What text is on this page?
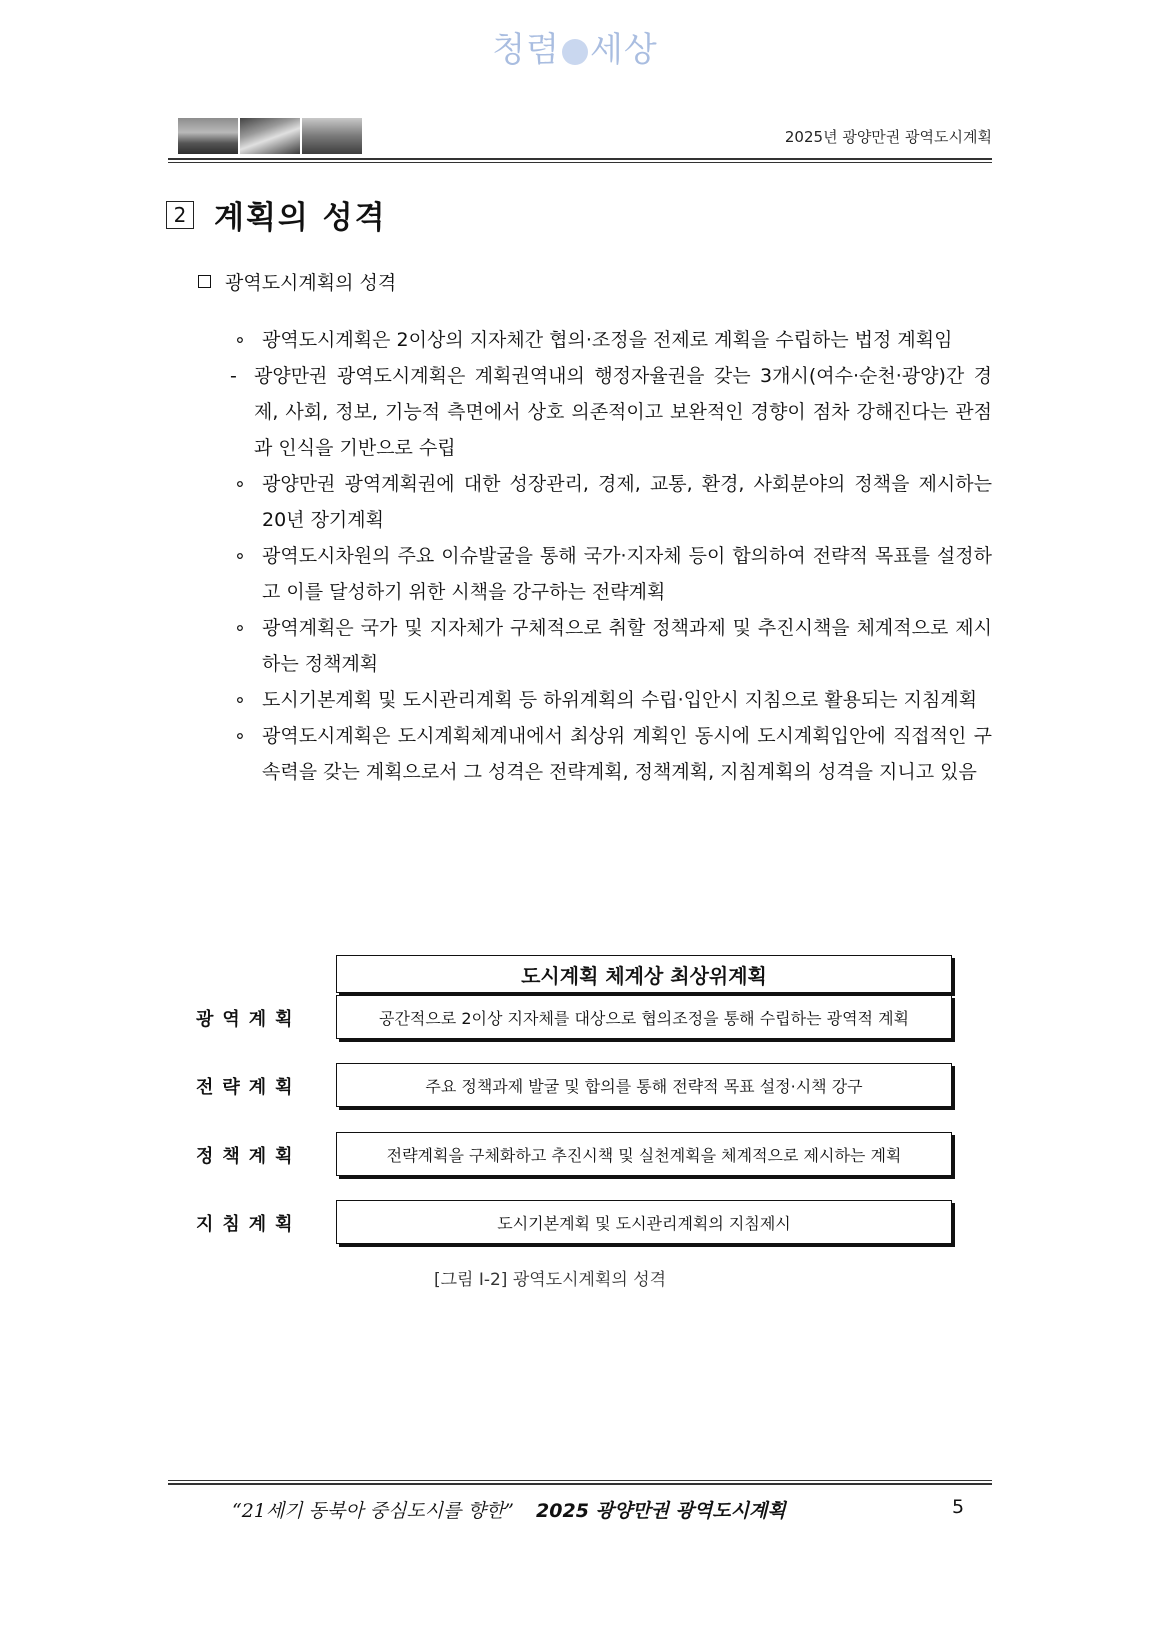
청렴 세상
2025년 광양만권 광역도시계획
2 계획의 성격
광역도시계획의 성격
∘ 광역도시계획은 2이상의 지자체간 협의·조정을 전제로 계획을 수립하는 법정 계획임
- 광양만권 광역도시계획은 계획권역내의 행정자율권을 갖는 3개시(여수·순천·광양)간 경제, 사회, 정보, 기능적 측면에서 상호 의존적이고 보완적인 경향이 점차 강해진다는 관점과 인식을 기반으로 수립
∘ 광양만권 광역계획권에 대한 성장관리, 경제, 교통, 환경, 사회분야의 정책을 제시하는 20년 장기계획
∘ 광역도시차원의 주요 이슈발굴을 통해 국가·지자체 등이 합의하여 전략적 목표를 설정하고 이를 달성하기 위한 시책을 강구하는 전략계획
∘ 광역계획은 국가 및 지자체가 구체적으로 취할 정책과제 및 추진시책을 체계적으로 제시하는 정책계획
∘ 도시기본계획 및 도시관리계획 등 하위계획의 수립·입안시 지침으로 활용되는 지침계획
∘ 광역도시계획은 도시계획체계내에서 최상위 계획인 동시에 도시계획입안에 직접적인 구속력을 갖는 계획으로서 그 성격은 전략계획, 정책계획, 지침계획의 성격을 지니고 있음
도시계획 체계상 최상위계획
광역계획	공간적으로 2이상 지자체를 대상으로 협의조정을 통해 수립하는 광역적 계획
전략계획	주요 정책과제 발굴 및 합의를 통해 전략적 목표 설정·시책 강구
정책계획	전략계획을 구체화하고 추진시책 및 실천계획을 체계적으로 제시하는 계획
지침계획	도시기본계획 및 도시관리계획의 지침제시
[그림 Ⅰ-2] 광역도시계획의 성격
“21세기 동북아 중심도시를 향한” 2025 광양만권 광역도시계획	5
